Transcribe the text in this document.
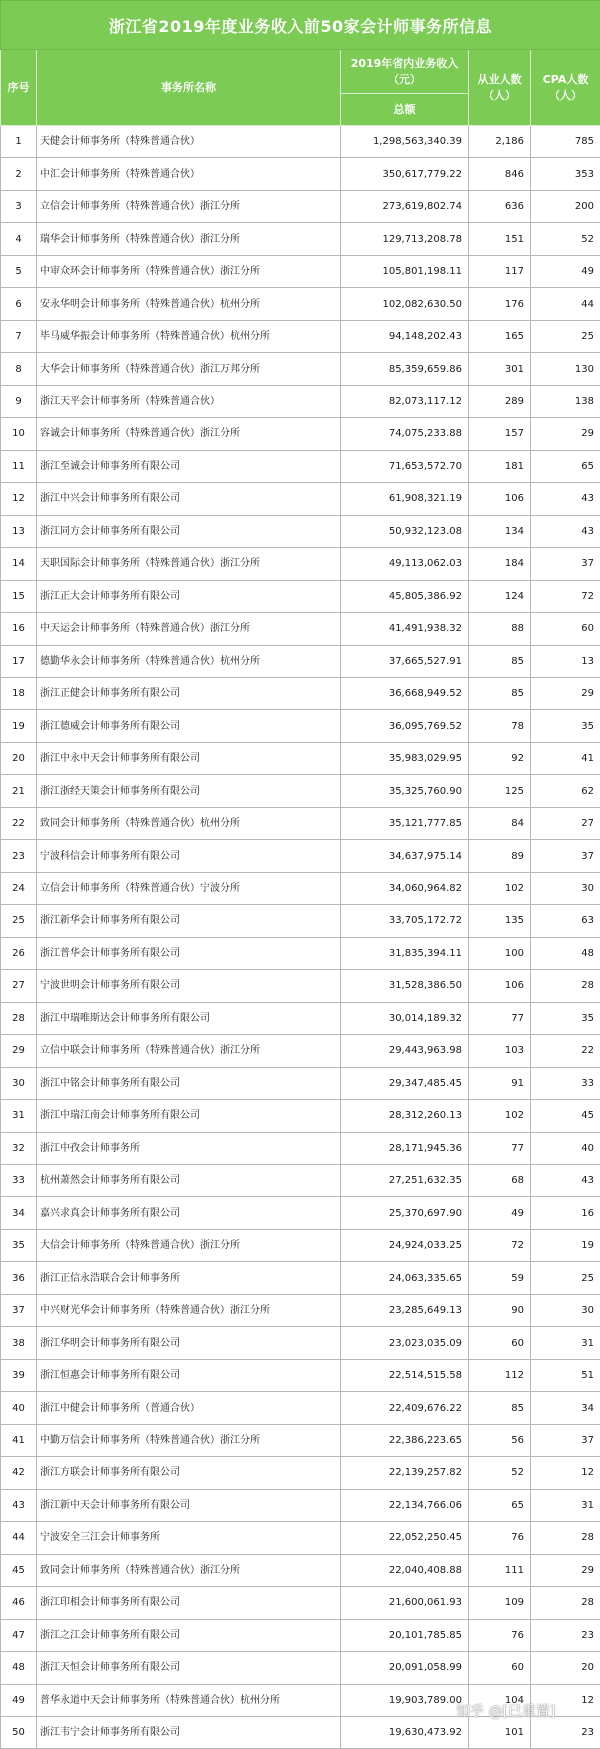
浙江省2019年度业务收入前50家会计师事务所信息				
序号	事务所名称	2019年省内业务收入（元）	从业人数（人）	CPA人数（人）
		总额		
1	天健会计师事务所（特殊普通合伙）	1,298,563,340.39	2,186	785
2	中汇会计师事务所（特殊普通合伙）	350,617,779.22	846	353
3	立信会计师事务所（特殊普通合伙）浙江分所	273,619,802.74	636	200
4	瑞华会计师事务所（特殊普通合伙）浙江分所	129,713,208.78	151	52
5	中审众环会计师事务所（特殊普通合伙）浙江分所	105,801,198.11	117	49
6	安永华明会计师事务所（特殊普通合伙）杭州分所	102,082,630.50	176	44
7	毕马威华振会计师事务所（特殊普通合伙）杭州分所	94,148,202.43	165	25
8	大华会计师事务所（特殊普通合伙）浙江万邦分所	85,359,659.86	301	130
9	浙江天平会计师事务所（特殊普通合伙）	82,073,117.12	289	138
10	容诚会计师事务所（特殊普通合伙）浙江分所	74,075,233.88	157	29
11	浙江至诚会计师事务所有限公司	71,653,572.70	181	65
12	浙江中兴会计师事务所有限公司	61,908,321.19	106	43
13	浙江同方会计师事务所有限公司	50,932,123.08	134	43
14	天职国际会计师事务所（特殊普通合伙）浙江分所	49,113,062.03	184	37
15	浙江正大会计师事务所有限公司	45,805,386.92	124	72
16	中天运会计师事务所（特殊普通合伙）浙江分所	41,491,938.32	88	60
17	德勤华永会计师事务所（特殊普通合伙）杭州分所	37,665,527.91	85	13
18	浙江正健会计师事务所有限公司	36,668,949.52	85	29
19	浙江德威会计师事务所有限公司	36,095,769.52	78	35
20	浙江中永中天会计师事务所有限公司	35,983,029.95	92	41
21	浙江浙经天策会计师事务所有限公司	35,325,760.90	125	62
22	致同会计师事务所（特殊普通合伙）杭州分所	35,121,777.85	84	27
23	宁波科信会计师事务所有限公司	34,637,975.14	89	37
24	立信会计师事务所（特殊普通合伙）宁波分所	34,060,964.82	102	30
25	浙江新华会计师事务所有限公司	33,705,172.72	135	63
26	浙江普华会计师事务所有限公司	31,835,394.11	100	48
27	宁波世明会计师事务所有限公司	31,528,386.50	106	28
28	浙江中瑞唯斯达会计师事务所有限公司	30,014,189.32	77	35
29	立信中联会计师事务所（特殊普通合伙）浙江分所	29,443,963.98	103	22
30	浙江中铭会计师事务所有限公司	29,347,485.45	91	33
31	浙江中瑞江南会计师事务所有限公司	28,312,260.13	102	45
32	浙江中孜会计师事务所	28,171,945.36	77	40
33	杭州萧然会计师事务所有限公司	27,251,632.35	68	43
34	嘉兴求真会计师事务所有限公司	25,370,697.90	49	16
35	大信会计师事务所（特殊普通合伙）浙江分所	24,924,033.25	72	19
36	浙江正信永浩联合会计师事务所	24,063,335.65	59	25
37	中兴财光华会计师事务所（特殊普通合伙）浙江分所	23,285,649.13	90	30
38	浙江华明会计师事务所有限公司	23,023,035.09	60	31
39	浙江恒惠会计师事务所有限公司	22,514,515.58	112	51
40	浙江中健会计师事务所（普通合伙）	22,409,676.22	85	34
41	中勤万信会计师事务所（特殊普通合伙）浙江分所	22,386,223.65	56	37
42	浙江方联会计师事务所有限公司	22,139,257.82	52	12
43	浙江新中天会计师事务所有限公司	22,134,766.06	65	31
44	宁波安全三江会计师事务所	22,052,250.45	76	28
45	致同会计师事务所（特殊普通合伙）浙江分所	22,040,408.88	111	29
46	浙江印相会计师事务所有限公司	21,600,061.93	109	28
47	浙江之江会计师事务所有限公司	20,101,785.85	76	23
48	浙江天恒会计师事务所有限公司	20,091,058.99	60	20
49	普华永道中天会计师事务所（特殊普通合伙）杭州分所	19,903,789.00	104	12
50	浙江韦宁会计师事务所有限公司	19,630,473.92	101	23
知乎 @[已重置]
